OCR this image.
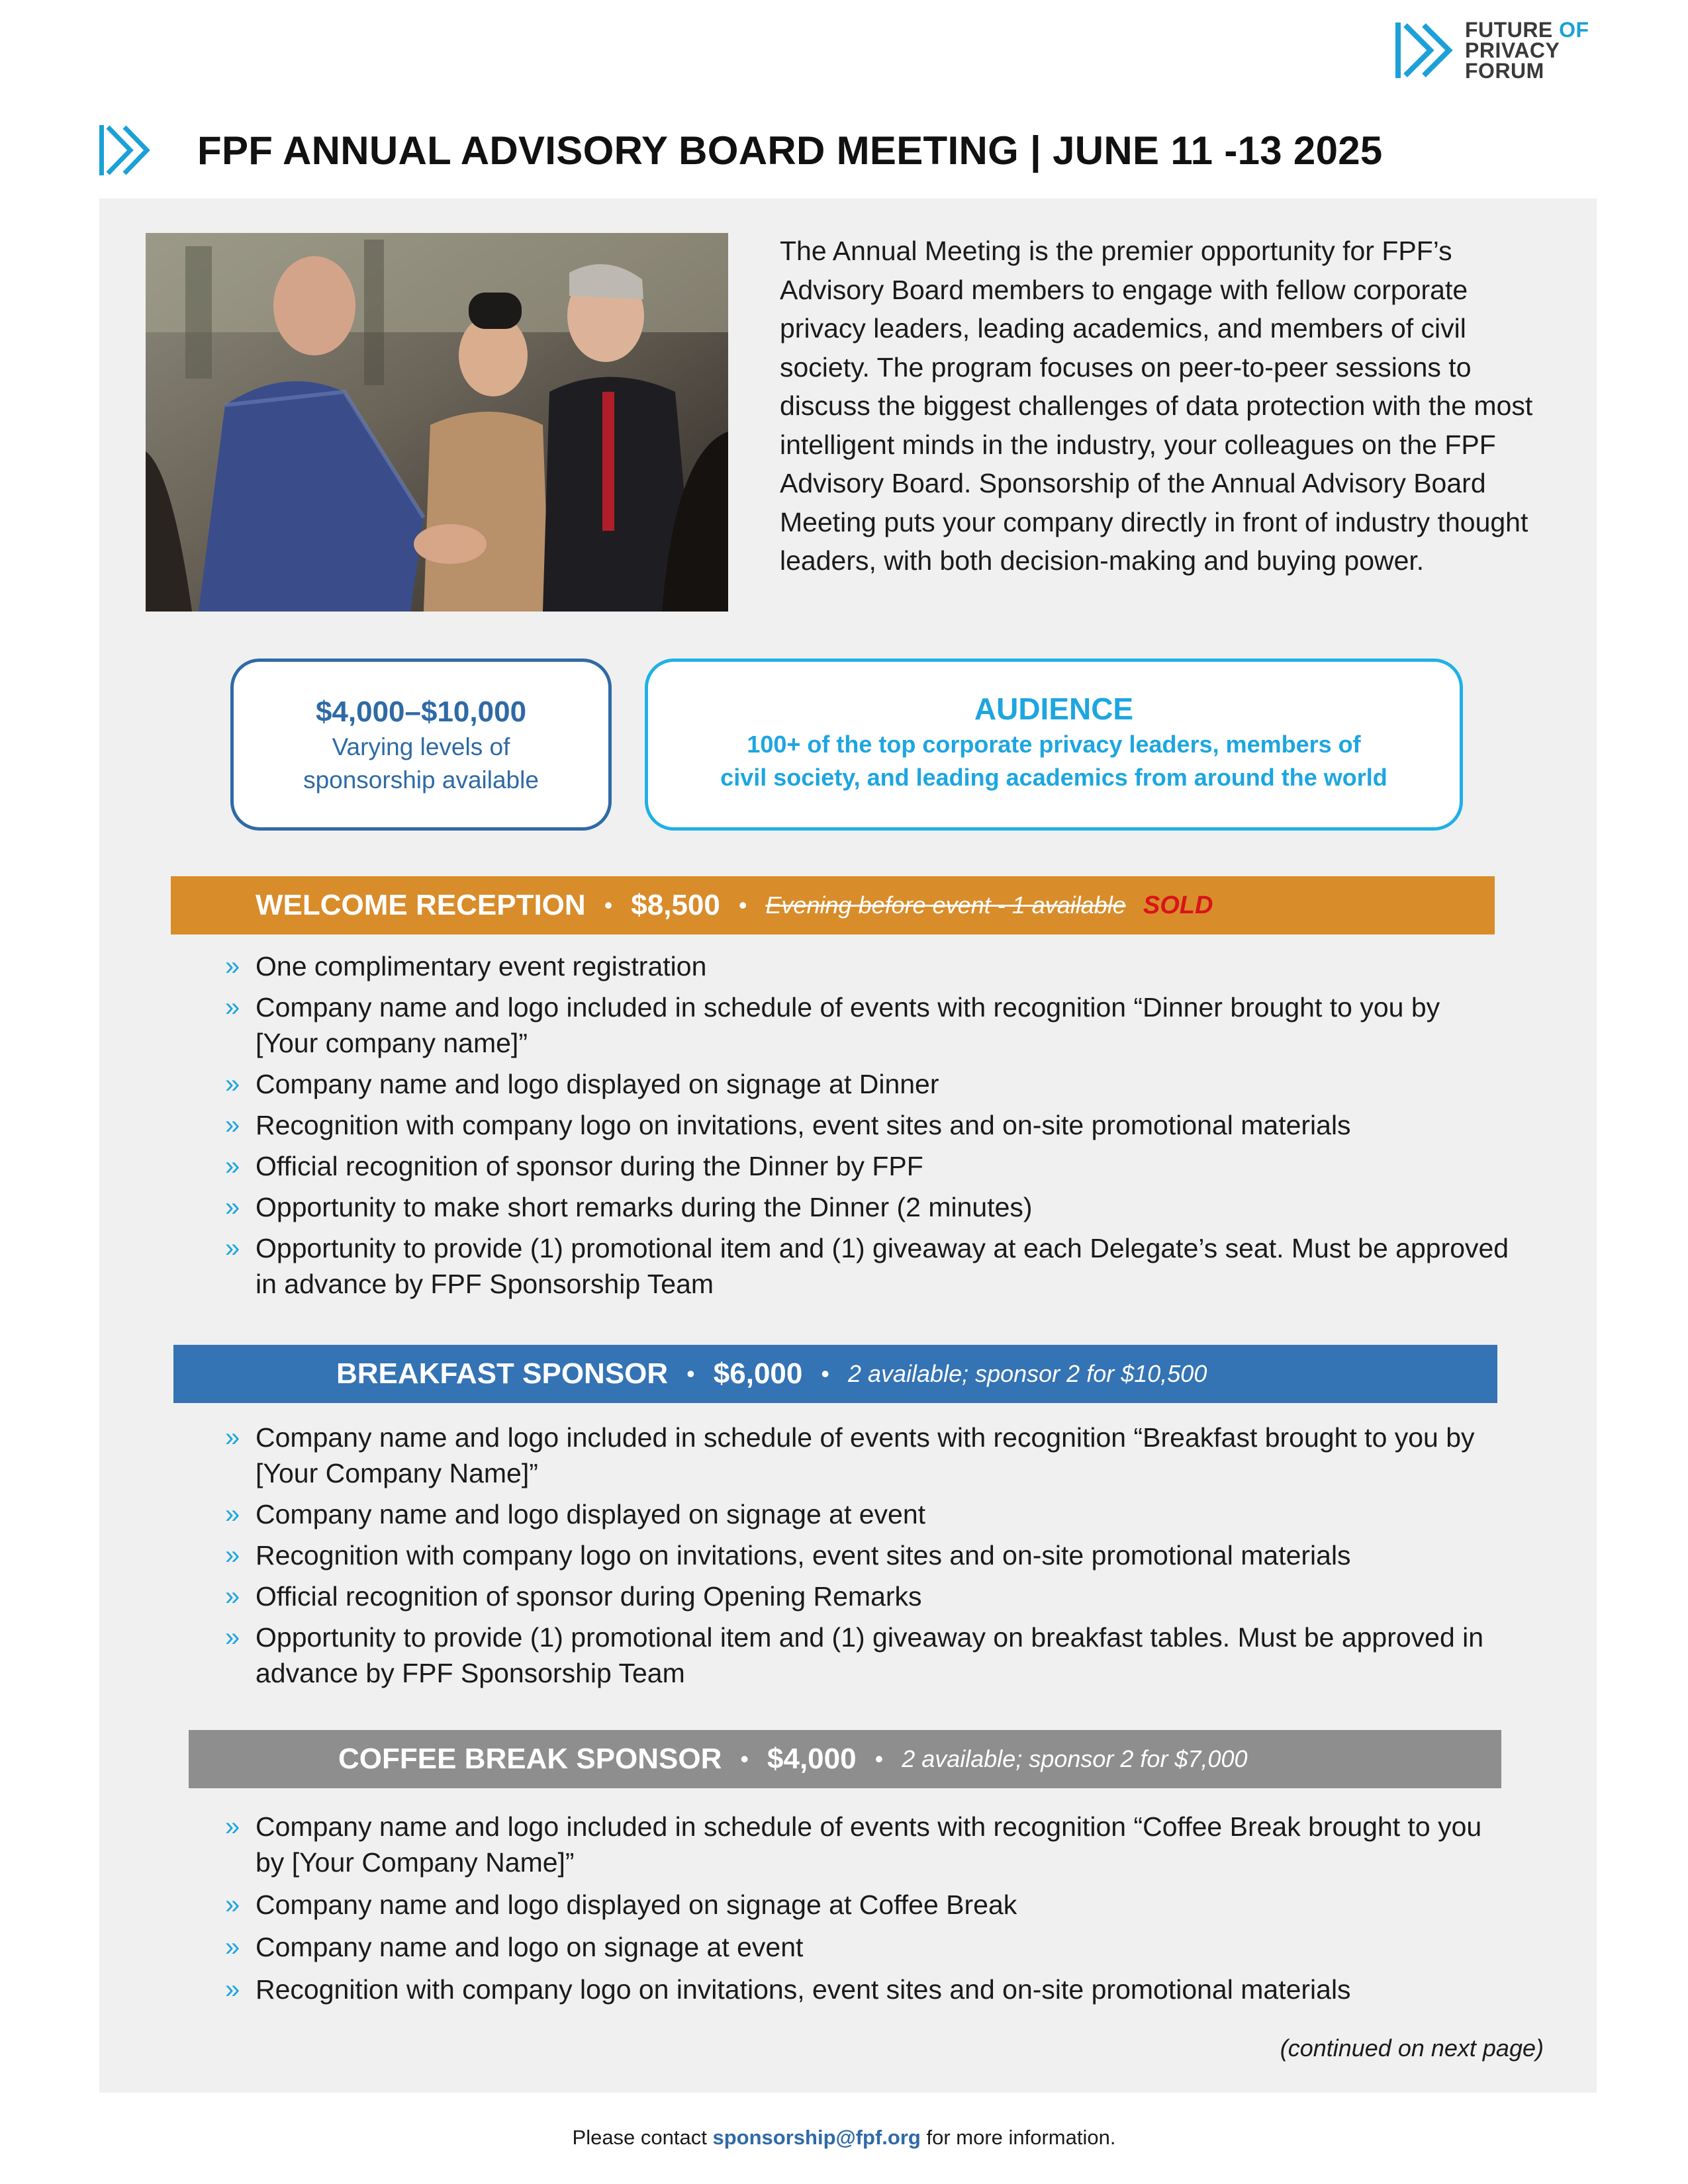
FUTURE OF
PRIVACY
FORUM
FPF ANNUAL ADVISORY BOARD MEETING | JUNE 11 -13 2025

The Annual Meeting is the premier opportunity for FPF’s Advisory Board members to engage with fellow corporate privacy leaders, leading academics, and members of civil society. The program focuses on peer-to-peer sessions to discuss the biggest challenges of data protection with the most intelligent minds in the industry, your colleagues on the FPF Advisory Board. Sponsorship of the Annual Advisory Board Meeting puts your company directly in front of industry thought leaders, with both decision-making and buying power.

$4,000–$10,000
Varying levels of
sponsorship available
AUDIENCE
100+ of the top corporate privacy leaders, members of
civil society, and leading academics from around the world
WELCOME RECEPTION • $8,500 • Evening before event - 1 available SOLD
» One complimentary event registration
» Company name and logo included in schedule of events with recognition “Dinner brought to you by [Your company name]”
» Company name and logo displayed on signage at Dinner
» Recognition with company logo on invitations, event sites and on-site promotional materials
» Official recognition of sponsor during the Dinner by FPF
» Opportunity to make short remarks during the Dinner (2 minutes)
» Opportunity to provide (1) promotional item and (1) giveaway at each Delegate’s seat. Must be approved in advance by FPF Sponsorship Team
BREAKFAST SPONSOR • $6,000 • 2 available; sponsor 2 for $10,500
» Company name and logo included in schedule of events with recognition “Breakfast brought to you by [Your Company Name]”
» Company name and logo displayed on signage at event
» Recognition with company logo on invitations, event sites and on-site promotional materials
» Official recognition of sponsor during Opening Remarks
» Opportunity to provide (1) promotional item and (1) giveaway on breakfast tables. Must be approved in advance by FPF Sponsorship Team
COFFEE BREAK SPONSOR • $4,000 • 2 available; sponsor 2 for $7,000
» Company name and logo included in schedule of events with recognition “Coffee Break brought to you by [Your Company Name]”
» Company name and logo displayed on signage at Coffee Break
» Company name and logo on signage at event
» Recognition with company logo on invitations, event sites and on-site promotional materials
(continued on next page)
Please contact sponsorship@fpf.org for more information.
